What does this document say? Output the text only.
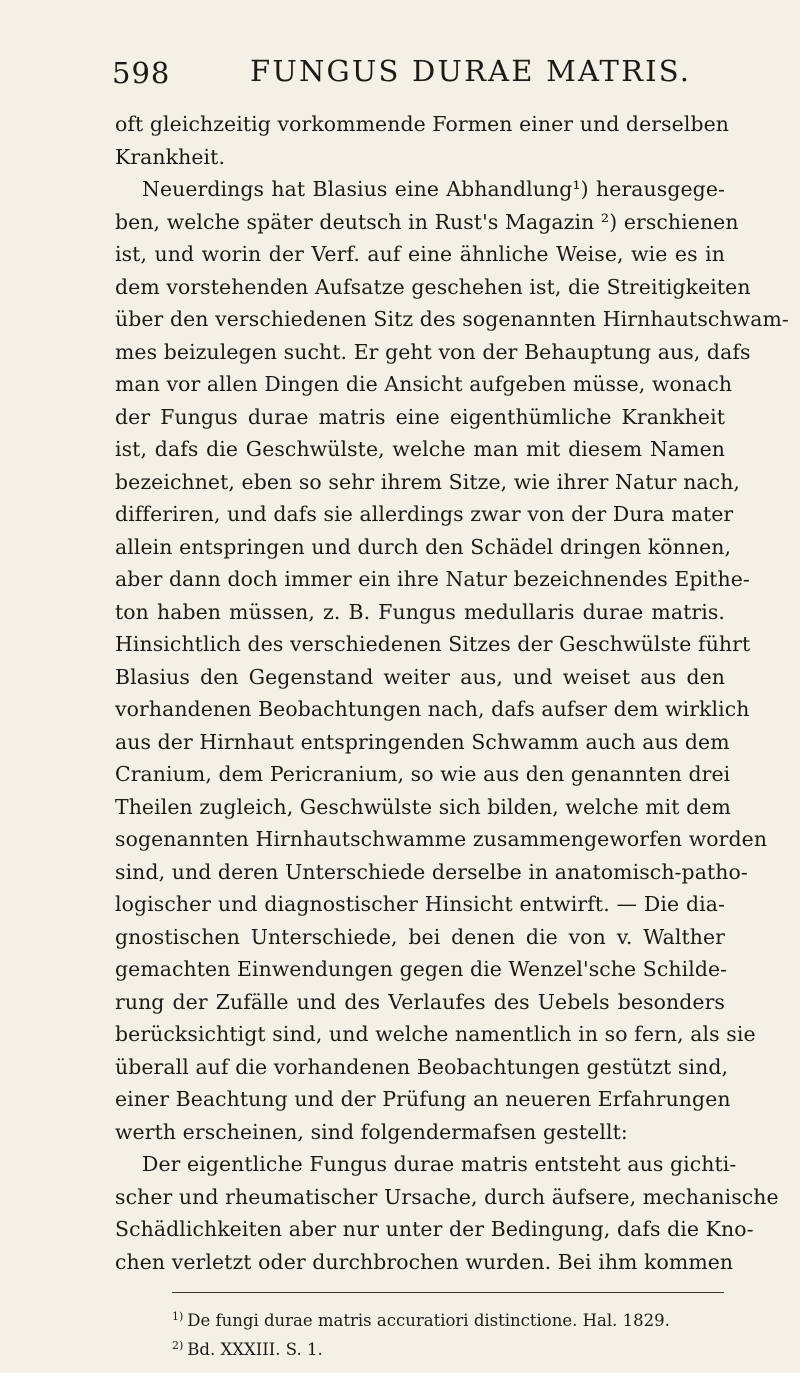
598	FUNGUS DURAE MATRIS.
oft gleichzeitig vorkommende Formen einer und derselben
Krankheit.
Neuerdings hat Blasius eine Abhandlung¹) herausgege-
ben, welche später deutsch in Rust's Magazin ²) erschienen
ist, und worin der Verf. auf eine ähnliche Weise, wie es in
dem vorstehenden Aufsatze geschehen ist, die Streitigkeiten
über den verschiedenen Sitz des sogenannten Hirnhautschwam-
mes beizulegen sucht. Er geht von der Behauptung aus, dafs
man vor allen Dingen die Ansicht aufgeben müsse, wonach
der Fungus durae matris eine eigenthümliche Krankheit
ist, dafs die Geschwülste, welche man mit diesem Namen
bezeichnet, eben so sehr ihrem Sitze, wie ihrer Natur nach,
differiren, und dafs sie allerdings zwar von der Dura mater
allein entspringen und durch den Schädel dringen können,
aber dann doch immer ein ihre Natur bezeichnendes Epithe-
ton haben müssen, z. B. Fungus medullaris durae matris.
Hinsichtlich des verschiedenen Sitzes der Geschwülste führt
Blasius den Gegenstand weiter aus, und weiset aus den
vorhandenen Beobachtungen nach, dafs aufser dem wirklich
aus der Hirnhaut entspringenden Schwamm auch aus dem
Cranium, dem Pericranium, so wie aus den genannten drei
Theilen zugleich, Geschwülste sich bilden, welche mit dem
sogenannten Hirnhautschwamme zusammengeworfen worden
sind, und deren Unterschiede derselbe in anatomisch-patho-
logischer und diagnostischer Hinsicht entwirft. — Die dia-
gnostischen Unterschiede, bei denen die von v. Walther
gemachten Einwendungen gegen die Wenzel'sche Schilde-
rung der Zufälle und des Verlaufes des Uebels besonders
berücksichtigt sind, und welche namentlich in so fern, als sie
überall auf die vorhandenen Beobachtungen gestützt sind,
einer Beachtung und der Prüfung an neueren Erfahrungen
werth erscheinen, sind folgendermafsen gestellt:
Der eigentliche Fungus durae matris entsteht aus gichti-
scher und rheumatischer Ursache, durch äufsere, mechanische
Schädlichkeiten aber nur unter der Bedingung, dafs die Kno-
chen verletzt oder durchbrochen wurden. Bei ihm kommen
$^{1)}$ De fungi durae matris accuratiori distinctione. Hal. 1829.
$^{2)}$ Bd. XXXIII. S. 1.
